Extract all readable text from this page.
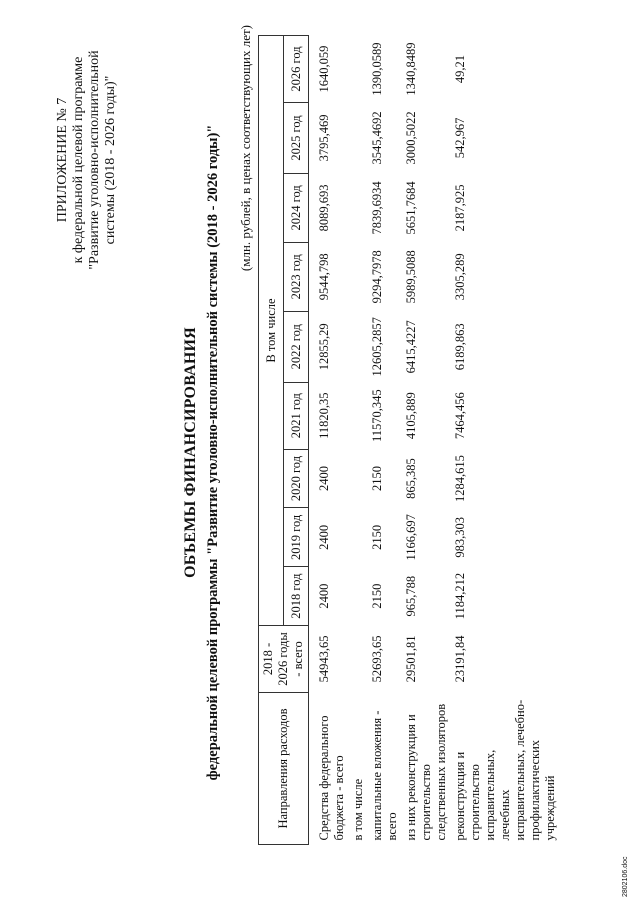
ПРИЛОЖЕНИЕ № 7 к федеральной целевой программе "Развитие уголовно-исполнительной системы (2018 - 2026 годы)"
ОБЪЕМЫ ФИНАНСИРОВАНИЯ федеральной целевой программы "Развитие уголовно-исполнительной системы (2018 - 2026 годы)" (млн. рублей, в ценах соответствующих лет)
Направления расходов	2018 - 2026 годы - всего	В том числе								
		2018 год	2019 год	2020 год	2021 год	2022 год	2023 год	2024 год	2025 год	2026 год
Средства федерального бюджета - всего	54943,65	2400	2400	2400	11820,35	12855,29	9544,798	8089,693	3795,469	1640,059
в том числе										
капитальные вложения - всего	52693,65	2150	2150	2150	11570,345	12605,2857	9294,7978	7839,6934	3545,4692	1390,0589
из них реконструкция и строительство следственных изоляторов	29501,81	965,788	1166,697	865,385	4105,889	6415,4227	5989,5088	5651,7684	3000,5022	1340,8489
реконструкция и строительство исправительных, лечебных исправительных, лечебно-профилактических учреждений	23191,84	1184,212	983,303	1284,615	7464,456	6189,863	3305,289	2187,925	542,967	49,21
2802106.doc
